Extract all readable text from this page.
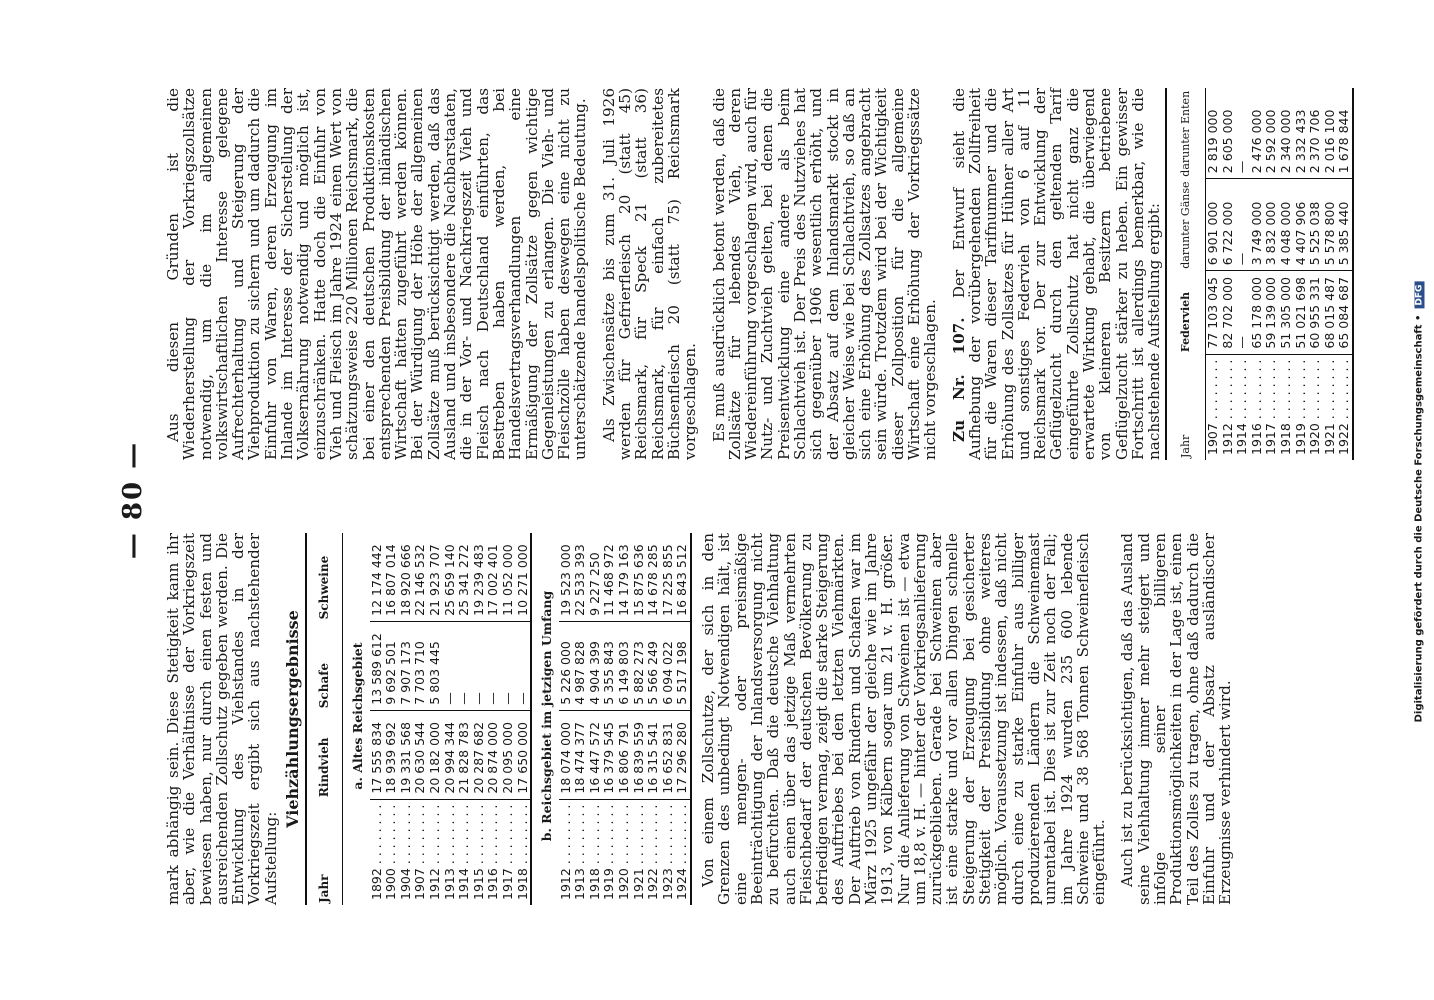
— 80 —

mark abhängig sein. Diese Stetigkeit kann ihr aber, wie die Verhältnisse der Vorkriegszeit bewiesen haben, nur durch einen festen und ausreichenden Zollschutz gegeben werden. Die Entwicklung des Viehstandes in der Vorkriegszeit ergibt sich aus nachstehender Aufstellung:

Viehzählungsergebnisse
Jahr	Rindvieh	Schafe	Schweine
a. Altes Reichsgebiet			
1892 . . . . . . . .	17 555 834	13 589 612	12 174 442
1900 . . . . . . . .	18 939 692	9 692 501	16 807 014
1904 . . . . . . . .	19 331 568	7 907 173	18 920 666
1907 . . . . . . . .	20 630 544	7 703 710	22 146 532
1912 . . . . . . . .	20 182 000	5 803 445	21 923 707
1913 . . . . . . . .	20 994 344	—	25 659 140
1914 . . . . . . . .	21 828 783	—	25 341 272
1915 . . . . . . . .	20 287 682	—	19 239 483
1916 . . . . . . . .	20 874 000	—	17 002 401
1917 . . . . . . . .	20 095 000	—	11 052 000
1918 . . . . . . . .	17 650 000	—	10 271 000
b. Reichsgebiet im jetzigen Umfang			
1912 . . . . . . . .	18 074 000	5 226 000	19 523 000
1913 . . . . . . . .	18 474 377	4 987 828	22 533 393
1918 . . . . . . . .	16 447 572	4 904 399	9 227 250
1919 . . . . . . . .	16 379 545	5 355 843	11 468 972
1920 . . . . . . . .	16 806 791	6 149 803	14 179 163
1921 . . . . . . . .	16 839 559	5 882 273	15 875 636
1922 . . . . . . . .	16 315 541	5 566 249	14 678 285
1923 . . . . . . . .	16 652 831	6 094 022	17 225 855
1924 . . . . . . . .	17 296 280	5 517 198	16 843 512 Von einem Zollschutze, der sich in den Grenzen des unbedingt Notwendigen hält, ist eine mengen- oder preismäßige Beeinträchtigung der Inlandsversorgung nicht zu befürchten. Daß die deutsche Viehhaltung auch einen über das jetzige Maß vermehrten Fleischbedarf der deutschen Bevölkerung zu befriedigen vermag, zeigt die starke Steigerung des Auftriebes bei den letzten Viehmärkten. Der Auftrieb von Rindern und Schafen war im März 1925 ungefähr der gleiche wie im Jahre 1913, von Kälbern sogar um 21 v. H. größer. Nur die Anlieferung von Schweinen ist — etwa um 18,8 v. H. — hinter der Vorkriegsanlieferung zurückgeblieben. Gerade bei Schweinen aber ist eine starke und vor allen Dingen schnelle Steigerung der Erzeugung bei gesicherter Stetigkeit der Preisbildung ohne weiteres möglich. Voraussetzung ist indessen, daß nicht durch eine zu starke Einfuhr aus billiger produzierenden Ländern die Schweinemast unrentabel ist. Dies ist zur Zeit noch der Fall; im Jahre 1924 wurden 235 600 lebende Schweine und 38 568 Tonnen Schweinefleisch eingeführt. Auch ist zu berücksichtigen, daß das Ausland seine Viehhaltung immer mehr steigert und infolge seiner billigeren Produktionsmöglichkeiten in der Lage ist, einen Teil des Zolles zu tragen, ohne daß dadurch die Einfuhr und der Absatz ausländischer Erzeugnisse verhindert wird.

Aus diesen Gründen ist die Wiederherstellung der Vorkriegszollsätze notwendig, um die im allgemeinen volkswirtschaftlichen Interesse gelegene Aufrechterhaltung und Steigerung der Viehproduktion zu sichern und um dadurch die Einfuhr von Waren, deren Erzeugung im Inlande im Interesse der Sicherstellung der Volksernährung notwendig und möglich ist, einzuschränken. Hatte doch die Einfuhr von Vieh und Fleisch im Jahre 1924 einen Wert von schätzungsweise 220 Millionen Reichsmark, die bei einer den deutschen Produktionskosten entsprechenden Preisbildung der inländischen Wirtschaft hätten zugeführt werden können. Bei der Würdigung der Höhe der allgemeinen Zollsätze muß berücksichtigt werden, daß das Ausland und insbesondere die Nachbarstaaten, die in der Vor- und Nachkriegszeit Vieh und Fleisch nach Deutschland einführten, das Bestreben haben werden, bei Handelsvertragsverhandlungen eine Ermäßigung der Zollsätze gegen wichtige Gegenleistungen zu erlangen. Die Vieh- und Fleischzölle haben deswegen eine nicht zu unterschätzende handelspolitische Bedeutung. Als Zwischensätze bis zum 31. Juli 1926 werden für Gefrierfleisch 20 (statt 45) Reichsmark, für Speck 21 (statt 36) Reichsmark, für einfach zubereitetes Büchsenfleisch 20 (statt 75) Reichsmark vorgeschlagen. Es muß ausdrücklich betont werden, daß die Zollsätze für lebendes Vieh, deren Wiedereinführung vorgeschlagen wird, auch für Nutz- und Zuchtvieh gelten, bei denen die Preisentwicklung eine andere als beim Schlachtvieh ist. Der Preis des Nutzviehes hat sich gegenüber 1906 wesentlich erhöht, und der Absatz auf dem Inlandsmarkt stockt in gleicher Weise wie bei Schlachtvieh, so daß an sich eine Erhöhung des Zollsatzes angebracht sein würde. Trotzdem wird bei der Wichtigkeit dieser Zollposition für die allgemeine Wirtschaft eine Erhöhung der Vorkriegssätze nicht vorgeschlagen. Zu Nr. 107. Der Entwurf sieht die Aufhebung der vorübergehenden Zollfreiheit für die Waren dieser Tarifnummer und die Erhöhung des Zollsatzes für Hühner aller Art und sonstiges Federvieh von 6 auf 11 Reichsmark vor. Der zur Entwicklung der Geflügelzucht durch den geltenden Tarif eingeführte Zollschutz hat nicht ganz die erwartete Wirkung gehabt, die überwiegend von kleineren Besitzern betriebene Geflügelzucht stärker zu heben. Ein gewisser Fortschritt ist allerdings bemerkbar, wie die nachstehende Aufstellung ergibt: Jahr	Federvieh	darunter Gänse	darunter Enten
1907 . . . . . . . .	77 103 045	6 901 000	2 819 000
1912 . . . . . . . .	82 702 000	6 722 000	2 605 000
1914 . . . . . . . .	—	—	—
1916 . . . . . . . .	65 178 000	3 749 000	2 476 000
1917 . . . . . . . .	59 139 000	3 832 000	2 592 000
1918 . . . . . . . .	51 305 000	4 048 000	2 340 000
1919 . . . . . . . .	51 021 698	4 407 906	2 332 433
1920 . . . . . . . .	60 955 331	5 525 038	2 370 706
1921 . . . . . . . .	68 015 487	5 578 800	2 016 100
1922 . . . . . . . .	65 084 687	5 385 440	1 678 844
Digitalisierung gefördert durch die Deutsche Forschungsgemeinschaft •DFG
